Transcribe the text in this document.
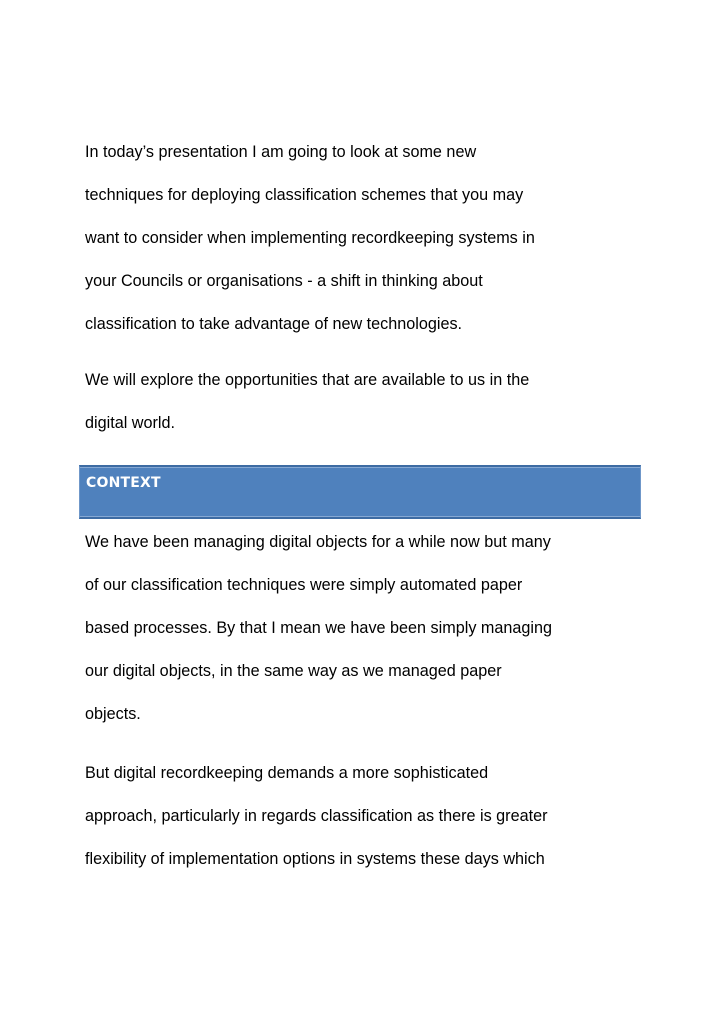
In today’s presentation I am going to look at some new
techniques for deploying classification schemes that you may
want to consider when implementing recordkeeping systems in
your Councils or organisations - a shift in thinking about
classification to take advantage of new technologies.

We will explore the opportunities that are available to us in the
digital world.

CONTEXT

We have been managing digital objects for a while now but many
of our classification techniques were simply automated paper
based processes. By that I mean we have been simply managing
our digital objects, in the same way as we managed paper
objects.

But digital recordkeeping demands a more sophisticated
approach, particularly in regards classification as there is greater
flexibility of implementation options in systems these days which
